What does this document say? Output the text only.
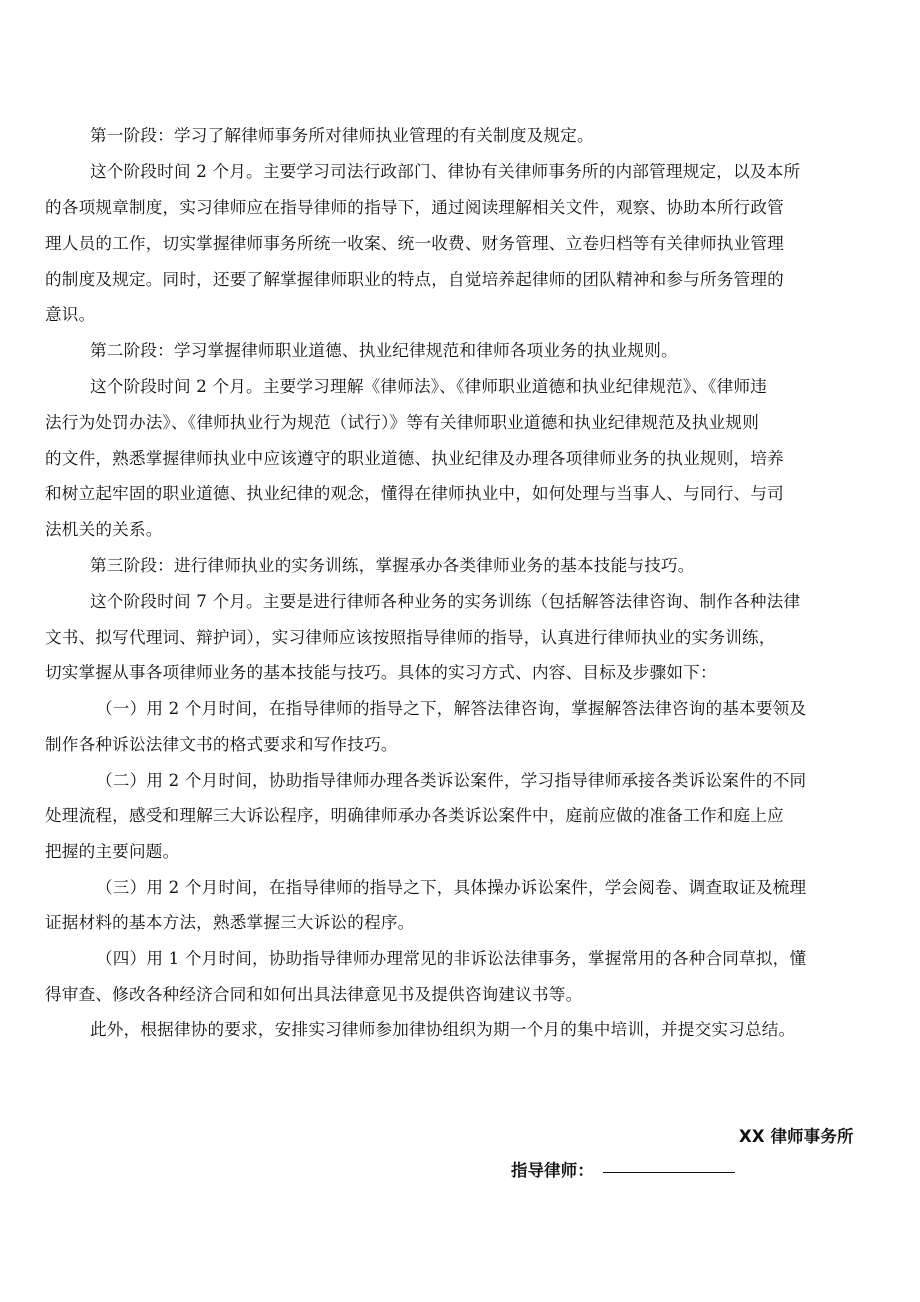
第一阶段：学习了解律师事务所对律师执业管理的有关制度及规定。

这个阶段时间 2 个月。主要学习司法行政部门、律协有关律师事务所的内部管理规定，以及本所

的各项规章制度，实习律师应在指导律师的指导下，通过阅读理解相关文件，观察、协助本所行政管

理人员的工作，切实掌握律师事务所统一收案、统一收费、财务管理、立卷归档等有关律师执业管理

的制度及规定。同时，还要了解掌握律师职业的特点，自觉培养起律师的团队精神和参与所务管理的

意识。

第二阶段：学习掌握律师职业道德、执业纪律规范和律师各项业务的执业规则。

这个阶段时间 2 个月。主要学习理解《律师法》、《律师职业道德和执业纪律规范》、《律师违

法行为处罚办法》、《律师执业行为规范（试行）》等有关律师职业道德和执业纪律规范及执业规则

的文件，熟悉掌握律师执业中应该遵守的职业道德、执业纪律及办理各项律师业务的执业规则，培养

和树立起牢固的职业道德、执业纪律的观念，懂得在律师执业中，如何处理与当事人、与同行、与司

法机关的关系。

第三阶段：进行律师执业的实务训练，掌握承办各类律师业务的基本技能与技巧。

这个阶段时间 7 个月。主要是进行律师各种业务的实务训练（包括解答法律咨询、制作各种法律

文书、拟写代理词、辩护词），实习律师应该按照指导律师的指导，认真进行律师执业的实务训练，

切实掌握从事各项律师业务的基本技能与技巧。具体的实习方式、内容、目标及步骤如下：

（一）用 2 个月时间，在指导律师的指导之下，解答法律咨询，掌握解答法律咨询的基本要领及

制作各种诉讼法律文书的格式要求和写作技巧。

（二）用 2 个月时间，协助指导律师办理各类诉讼案件，学习指导律师承接各类诉讼案件的不同

处理流程，感受和理解三大诉讼程序，明确律师承办各类诉讼案件中，庭前应做的准备工作和庭上应

把握的主要问题。

（三）用 2 个月时间，在指导律师的指导之下，具体操办诉讼案件，学会阅卷、调查取证及梳理

证据材料的基本方法，熟悉掌握三大诉讼的程序。

（四）用 1 个月时间，协助指导律师办理常见的非诉讼法律事务，掌握常用的各种合同草拟，懂

得审查、修改各种经济合同和如何出具法律意见书及提供咨询建议书等。

此外，根据律协的要求，安排实习律师参加律协组织为期一个月的集中培训，并提交实习总结。

XX 律师事务所

指导律师：
